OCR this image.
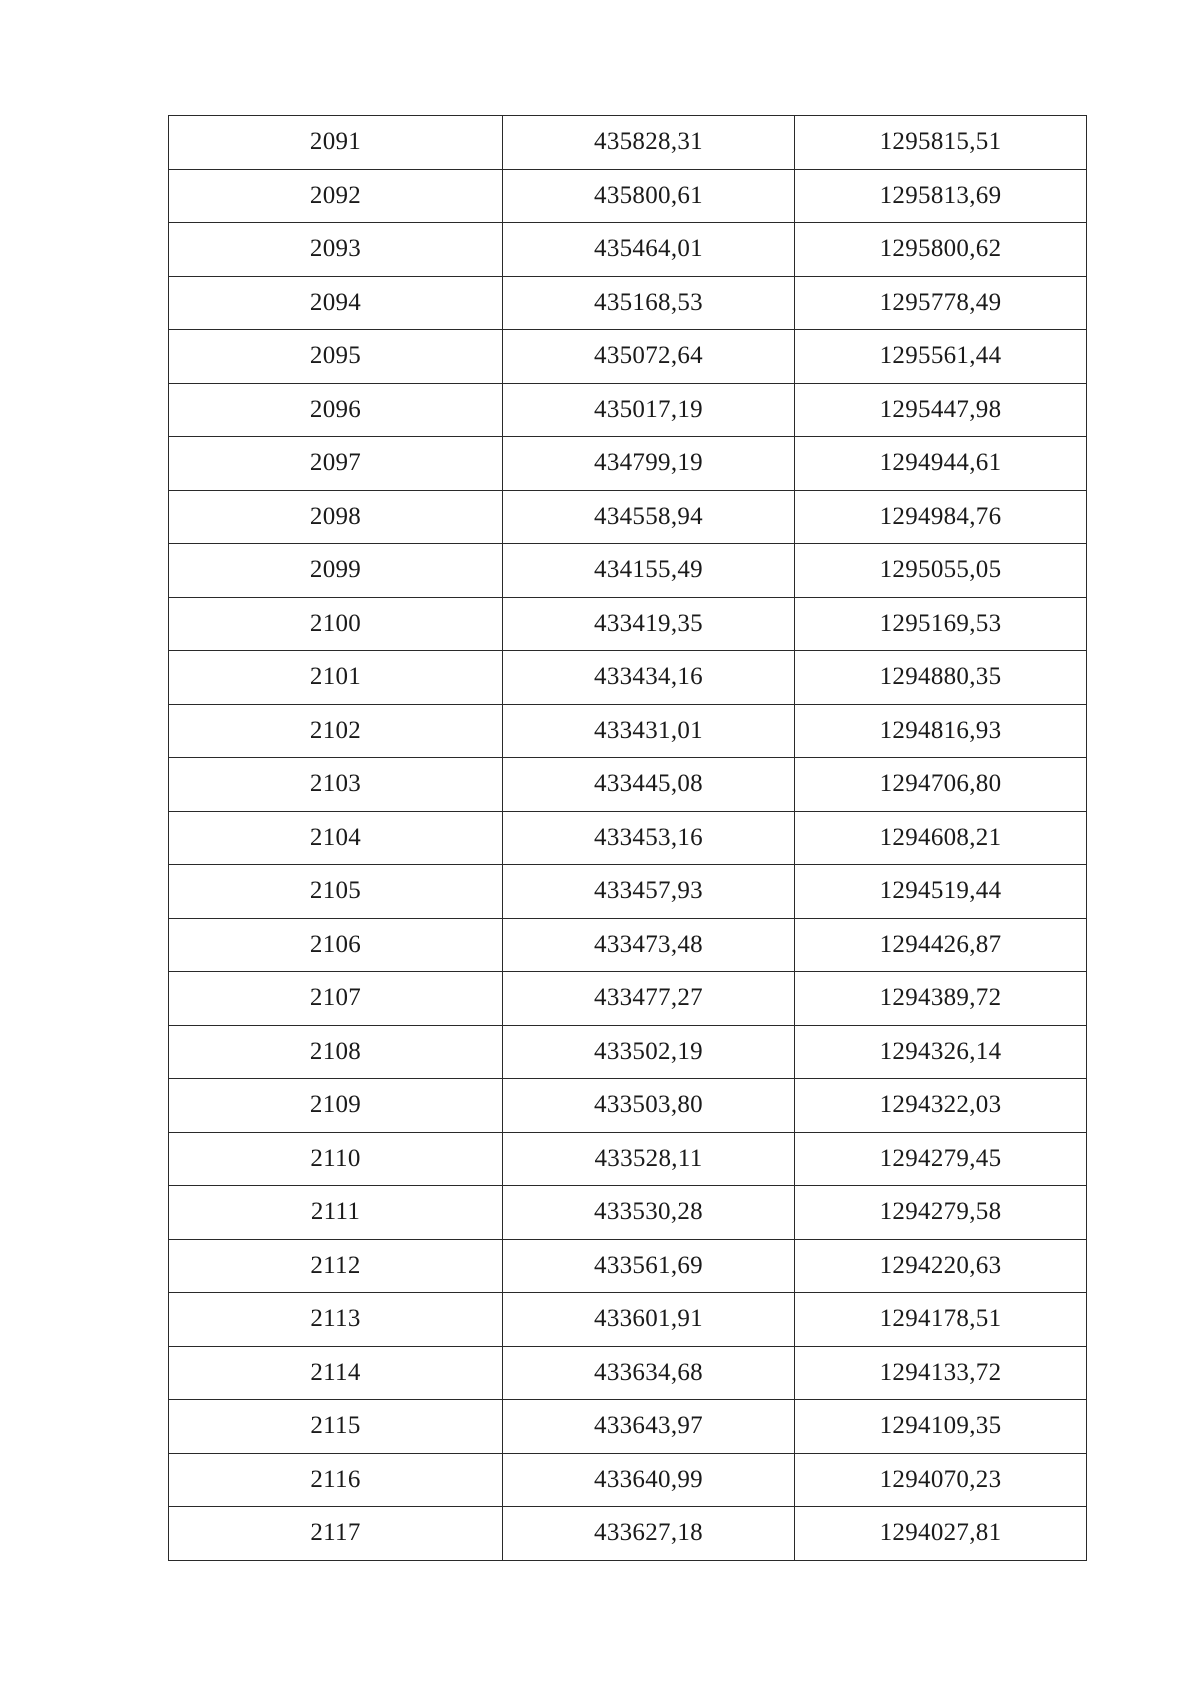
2091	435828,31	1295815,51
2092	435800,61	1295813,69
2093	435464,01	1295800,62
2094	435168,53	1295778,49
2095	435072,64	1295561,44
2096	435017,19	1295447,98
2097	434799,19	1294944,61
2098	434558,94	1294984,76
2099	434155,49	1295055,05
2100	433419,35	1295169,53
2101	433434,16	1294880,35
2102	433431,01	1294816,93
2103	433445,08	1294706,80
2104	433453,16	1294608,21
2105	433457,93	1294519,44
2106	433473,48	1294426,87
2107	433477,27	1294389,72
2108	433502,19	1294326,14
2109	433503,80	1294322,03
2110	433528,11	1294279,45
2111	433530,28	1294279,58
2112	433561,69	1294220,63
2113	433601,91	1294178,51
2114	433634,68	1294133,72
2115	433643,97	1294109,35
2116	433640,99	1294070,23
2117	433627,18	1294027,81
